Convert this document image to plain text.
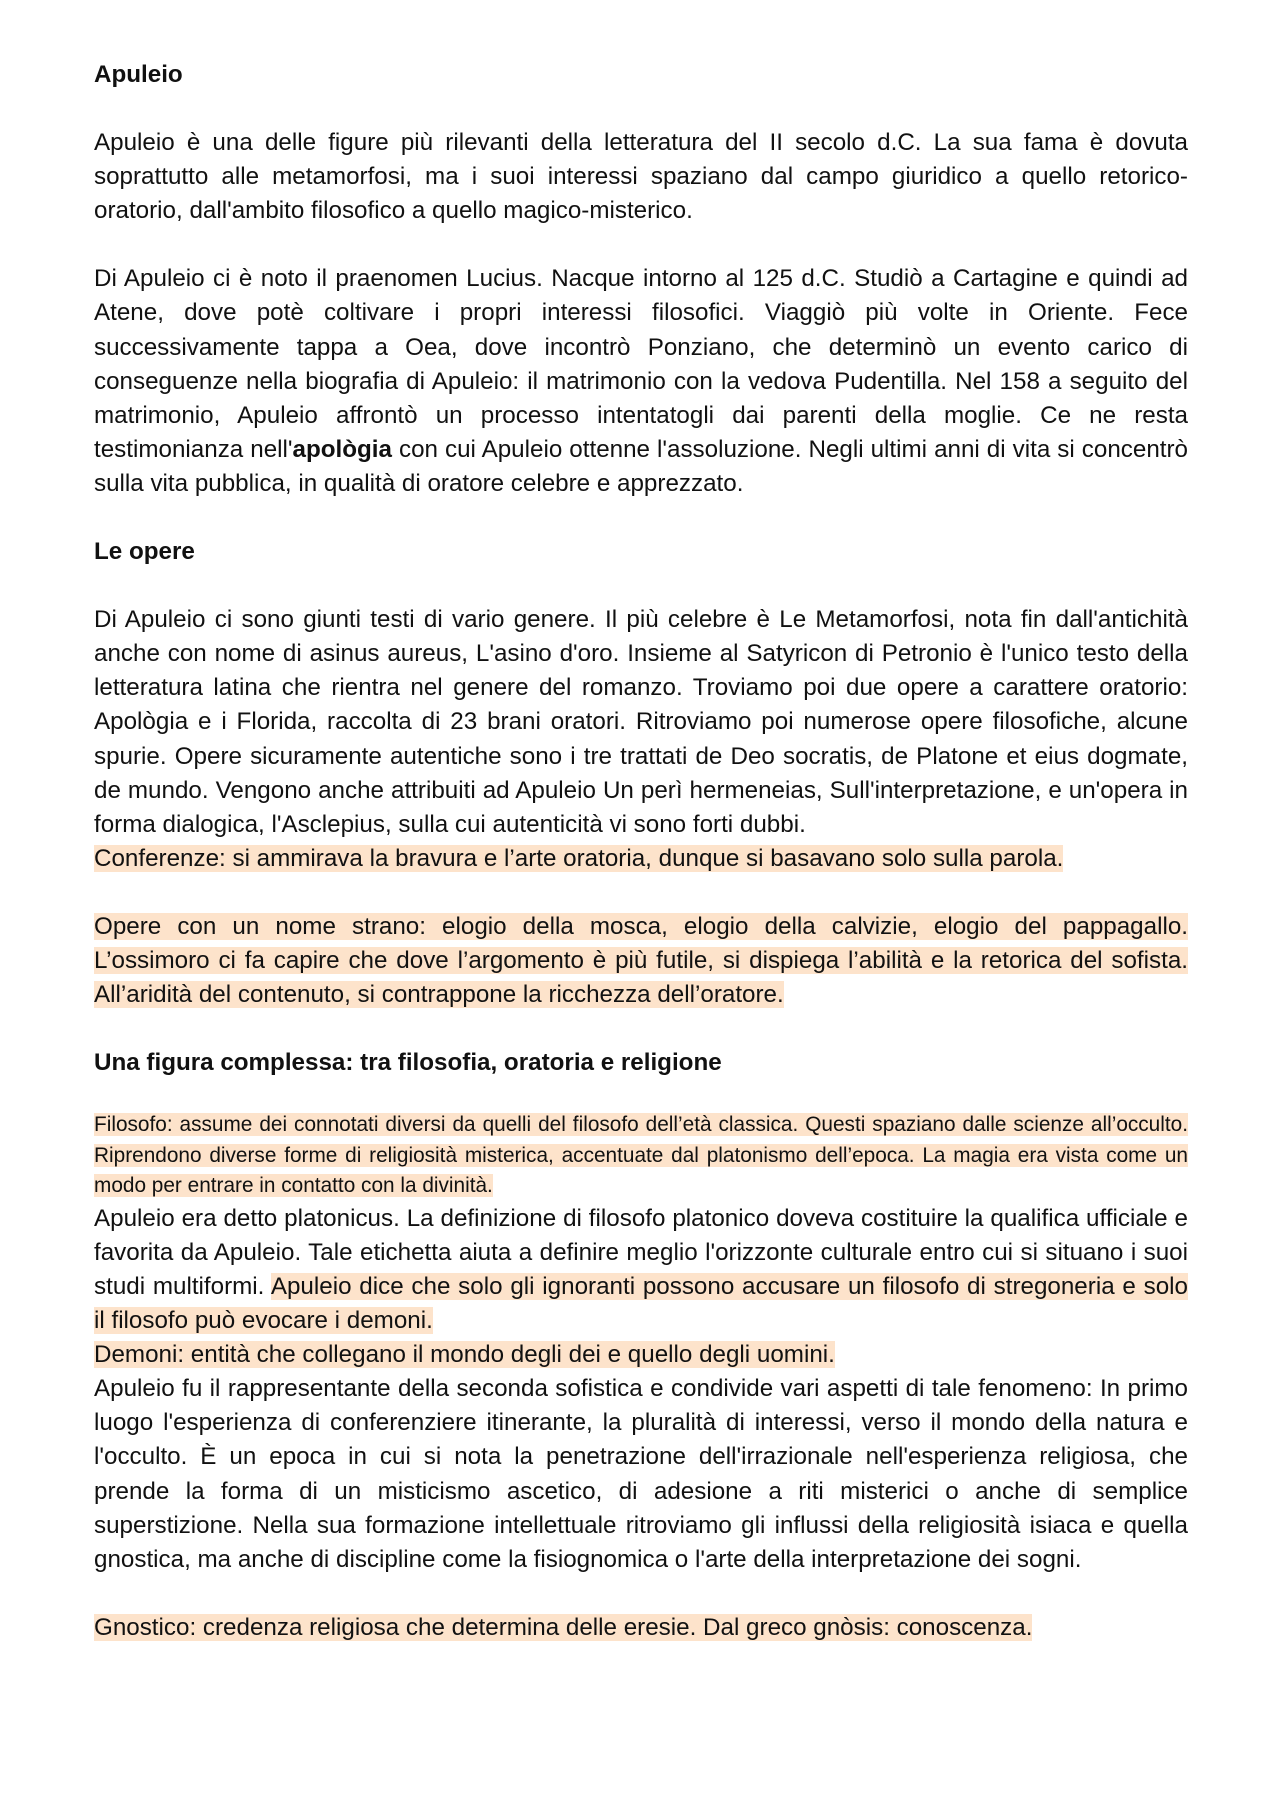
Apuleio
Apuleio è una delle figure più rilevanti della letteratura del II secolo d.C. La sua fama è dovuta soprattutto alle metamorfosi, ma i suoi interessi spaziano dal campo giuridico a quello retorico-oratorio, dall'ambito filosofico a quello magico-misterico.
Di Apuleio ci è noto il praenomen Lucius. Nacque intorno al 125 d.C. Studiò a Cartagine e quindi ad Atene, dove potè coltivare i propri interessi filosofici. Viaggiò più volte in Oriente. Fece successivamente tappa a Oea, dove incontrò Ponziano, che determinò un evento carico di conseguenze nella biografia di Apuleio: il matrimonio con la vedova Pudentilla. Nel 158 a seguito del matrimonio, Apuleio affrontò un processo intentatogli dai parenti della moglie. Ce ne resta testimonianza nell'apològia con cui Apuleio ottenne l'assoluzione. Negli ultimi anni di vita si concentrò sulla vita pubblica, in qualità di oratore celebre e apprezzato.
Le opere
Di Apuleio ci sono giunti testi di vario genere. Il più celebre è Le Metamorfosi, nota fin dall'antichità anche con nome di asinus aureus, L'asino d'oro. Insieme al Satyricon di Petronio è l'unico testo della letteratura latina che rientra nel genere del romanzo. Troviamo poi due opere a carattere oratorio: Apològia e i Florida, raccolta di 23 brani oratori. Ritroviamo poi numerose opere filosofiche, alcune spurie. Opere sicuramente autentiche sono i tre trattati de Deo socratis, de Platone et eius dogmate, de mundo. Vengono anche attribuiti ad Apuleio Un perì hermeneias, Sull'interpretazione, e un'opera in forma dialogica, l'Asclepius, sulla cui autenticità vi sono forti dubbi.
Conferenze: si ammirava la bravura e l’arte oratoria, dunque si basavano solo sulla parola.
Opere con un nome strano: elogio della mosca, elogio della calvizie, elogio del pappagallo. L’ossimoro ci fa capire che dove l’argomento è più futile, si dispiega l’abilità e la retorica del sofista. All’aridità del contenuto, si contrappone la ricchezza dell’oratore.
Una figura complessa: tra filosofia, oratoria e religione
Filosofo: assume dei connotati diversi da quelli del filosofo dell’età classica. Questi spaziano dalle scienze all’occulto. Riprendono diverse forme di religiosità misterica, accentuate dal platonismo dell’epoca. La magia era vista come un modo per entrare in contatto con la divinità.
Apuleio era detto platonicus. La definizione di filosofo platonico doveva costituire la qualifica ufficiale e favorita da Apuleio. Tale etichetta aiuta a definire meglio l'orizzonte culturale entro cui si situano i suoi studi multiformi. Apuleio dice che solo gli ignoranti possono accusare un filosofo di stregoneria e solo il filosofo può evocare i demoni.
Demoni: entità che collegano il mondo degli dei e quello degli uomini.
Apuleio fu il rappresentante della seconda sofistica e condivide vari aspetti di tale fenomeno: In primo luogo l'esperienza di conferenziere itinerante, la pluralità di interessi, verso il mondo della natura e l'occulto. È un epoca in cui si nota la penetrazione dell'irrazionale nell'esperienza religiosa, che prende la forma di un misticismo ascetico, di adesione a riti misterici o anche di semplice superstizione. Nella sua formazione intellettuale ritroviamo gli influssi della religiosità isiaca e quella gnostica, ma anche di discipline come la fisiognomica o l'arte della interpretazione dei sogni.
Gnostico: credenza religiosa che determina delle eresie. Dal greco gnòsis: conoscenza.
